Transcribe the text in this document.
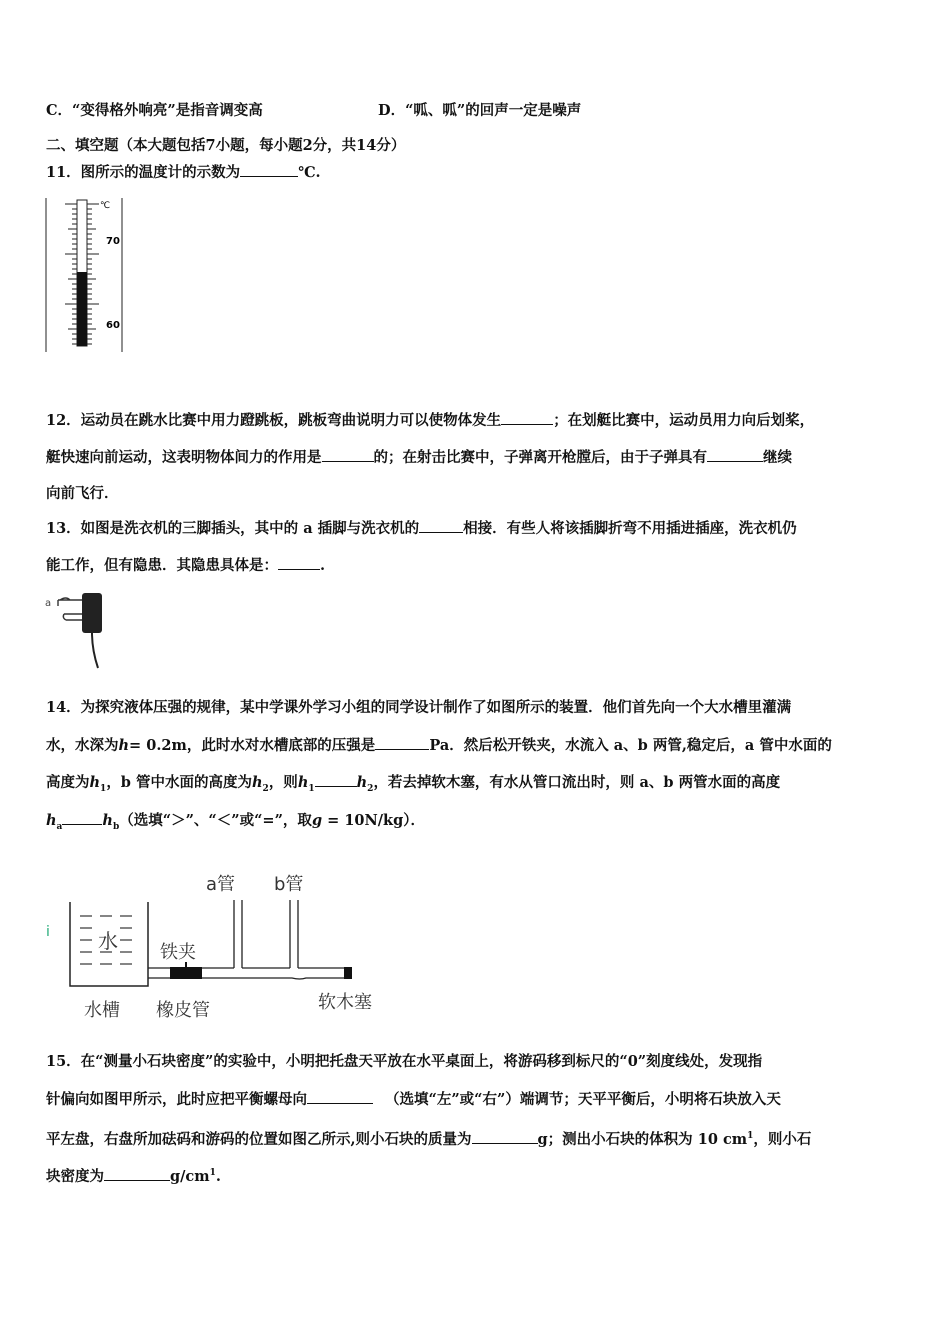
C．“变得格外响亮”是指音调变高	D．“呱、呱”的回声一定是噪声
二、填空题（本大题包括7小题，每小题2分，共14分）
11．图所示的温度计的示数为	℃.
℃
70
60
12．运动员在跳水比赛中用力蹬跳板，跳板弯曲说明力可以使物体发生	；在划艇比赛中，运动员用力向后划桨，
艇快速向前运动，这表明物体间力的作用是	的；在射击比赛中，子弹离开枪膛后，由于子弹具有	继续
向前飞行．
13．如图是洗衣机的三脚插头，其中的 a 插脚与洗衣机的	相接．有些人将该插脚折弯不用插进插座，洗衣机仍
能工作，但有隐患．其隐患具体是：	.
a
14．为探究液体压强的规律，某中学课外学习小组的同学设计制作了如图所示的装置．他们首先向一个大水槽里灌满
水，水深为h= 0.2m，此时水对水槽底部的压强是	Pa．然后松开铁夹，水流入 a、b 两管,稳定后，a 管中水面的
高度为$h_1$，b 管中水面的高度为$h_2$，则$h_1$	$h_2$，若去掉软木塞，有水从管口流出时，则 a、b 两管水面的高度
$h_a$	$h_b$（选填“＞”、“＜”或“=”，取g = 10N/kg）．
i 水
a管 b管
铁夹
水槽 橡皮管	软木塞
15．在“测量小石块密度”的实验中，小明把托盘天平放在水平桌面上，将游码移到标尺的“0”刻度线处，发现指
针偏向如图甲所示，此时应把平衡螺母向	（选填“左”或“右”）端调节；天平平衡后，小明将石块放入天
平左盘，右盘所加砝码和游码的位置如图乙所示,则小石块的质量为	g；测出小石块的体积为 10 $cm^1$，则小石
块密度为	$g/cm^1$.
